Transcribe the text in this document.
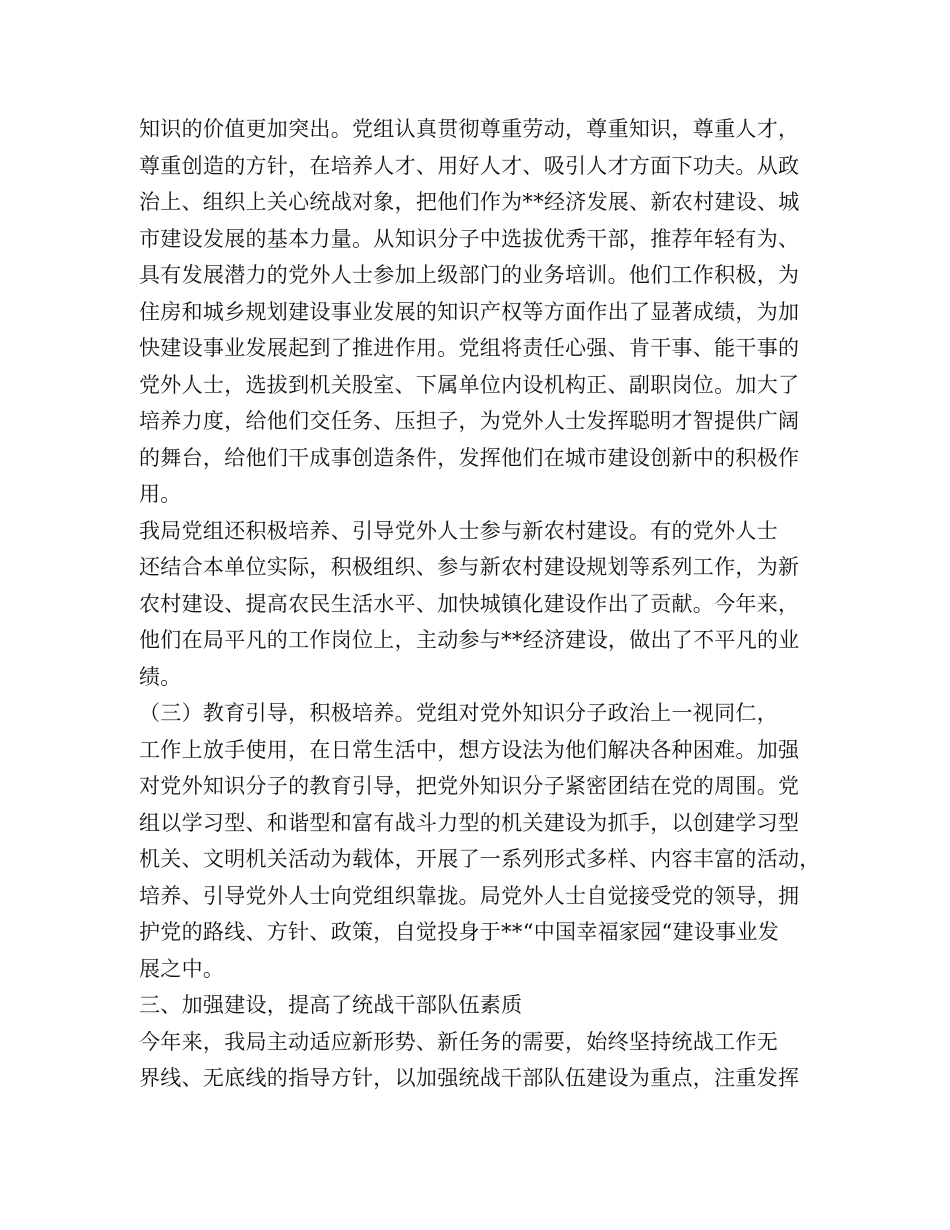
知识的价值更加突出。党组认真贯彻尊重劳动，尊重知识，尊重人才，
尊重创造的方针，在培养人才、用好人才、吸引人才方面下功夫。从政
治上、组织上关心统战对象，把他们作为**经济发展、新农村建设、城
市建设发展的基本力量。从知识分子中选拔优秀干部，推荐年轻有为、
具有发展潜力的党外人士参加上级部门的业务培训。他们工作积极，为
住房和城乡规划建设事业发展的知识产权等方面作出了显著成绩，为加
快建设事业发展起到了推进作用。党组将责任心强、肯干事、能干事的
党外人士，选拔到机关股室、下属单位内设机构正、副职岗位。加大了
培养力度，给他们交任务、压担子，为党外人士发挥聪明才智提供广阔
的舞台，给他们干成事创造条件，发挥他们在城市建设创新中的积极作
用。
我局党组还积极培养、引导党外人士参与新农村建设。有的党外人士
还结合本单位实际，积极组织、参与新农村建设规划等系列工作，为新
农村建设、提高农民生活水平、加快城镇化建设作出了贡献。今年来，
他们在局平凡的工作岗位上，主动参与**经济建设，做出了不平凡的业
绩。
（三）教育引导，积极培养。党组对党外知识分子政治上一视同仁，
工作上放手使用，在日常生活中，想方设法为他们解决各种困难。加强
对党外知识分子的教育引导，把党外知识分子紧密团结在党的周围。党
组以学习型、和谐型和富有战斗力型的机关建设为抓手，以创建学习型
机关、文明机关活动为载体，开展了一系列形式多样、内容丰富的活动，
培养、引导党外人士向党组织靠拢。局党外人士自觉接受党的领导，拥
护党的路线、方针、政策，自觉投身于**“中国幸福家园“建设事业发
展之中。
三、加强建设，提高了统战干部队伍素质
今年来，我局主动适应新形势、新任务的需要，始终坚持统战工作无
界线、无底线的指导方针，以加强统战干部队伍建设为重点，注重发挥
